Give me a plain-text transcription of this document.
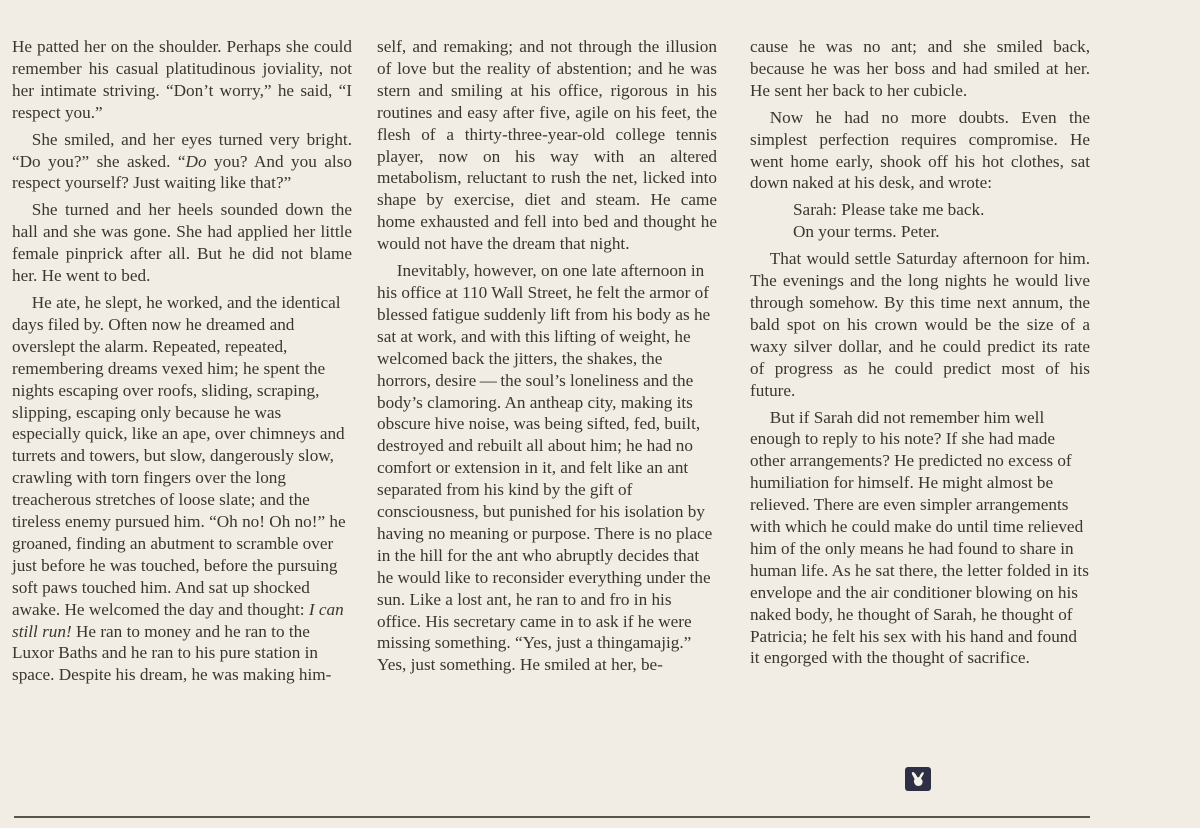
He patted her on the shoulder. Perhaps she could remember his casual platitudinous joviality, not her intimate striving. “Don’t worry,” he said, “I respect you.”

She smiled, and her eyes turned very bright. “Do you?” she asked. “Do you? And you also respect yourself? Just waiting like that?”

She turned and her heels sounded down the hall and she was gone. She had applied her little female pinprick after all. But he did not blame her. He went to bed.

He ate, he slept, he worked, and the identical days filed by. Often now he dreamed and overslept the alarm. Repeated, repeated, remembering dreams vexed him; he spent the nights escaping over roofs, sliding, scraping, slipping, escaping only because he was especially quick, like an ape, over chimneys and turrets and towers, but slow, dangerously slow, crawling with torn fingers over the long treacherous stretches of loose slate; and the tireless enemy pursued him. “Oh no! Oh no!” he groaned, finding an abutment to scramble over just before he was touched, before the pursuing soft paws touched him. And sat up shocked awake. He welcomed the day and thought: I can still run! He ran to money and he ran to the Luxor Baths and he ran to his pure station in space. Despite his dream, he was making him-

self, and remaking; and not through the illusion of love but the reality of abstention; and he was stern and smiling at his office, rigorous in his routines and easy after five, agile on his feet, the flesh of a thirty-three-year-old college tennis player, now on his way with an altered metabolism, reluctant to rush the net, licked into shape by exercise, diet and steam. He came home exhausted and fell into bed and thought he would not have the dream that night.

Inevitably, however, on one late afternoon in his office at 110 Wall Street, he felt the armor of blessed fatigue suddenly lift from his body as he sat at work, and with this lifting of weight, he welcomed back the jitters, the shakes, the horrors, desire — the soul’s loneliness and the body’s clamoring. An antheap city, making its obscure hive noise, was being sifted, fed, built, destroyed and rebuilt all about him; he had no comfort or extension in it, and felt like an ant separated from his kind by the gift of consciousness, but punished for his isolation by having no meaning or purpose. There is no place in the hill for the ant who abruptly decides that he would like to reconsider everything under the sun. Like a lost ant, he ran to and fro in his office. His secretary came in to ask if he were missing something. “Yes, just a thingamajig.” Yes, just something. He smiled at her, be-

cause he was no ant; and she smiled back, because he was her boss and had smiled at her. He sent her back to her cubicle.

Now he had no more doubts. Even the simplest perfection requires compromise. He went home early, shook off his hot clothes, sat down naked at his desk, and wrote:

Sarah: Please take me back.

On your terms. Peter.

That would settle Saturday afternoon for him. The evenings and the long nights he would live through somehow. By this time next annum, the bald spot on his crown would be the size of a waxy silver dollar, and he could predict its rate of progress as he could predict most of his future.

But if Sarah did not remember him well enough to reply to his note? If she had made other arrangements? He predicted no excess of humiliation for himself. He might almost be relieved. There are even simpler arrangements with which he could make do until time relieved him of the only means he had found to share in human life. As he sat there, the letter folded in its envelope and the air conditioner blowing on his naked body, he thought of Sarah, he thought of Patricia; he felt his sex with his hand and found it engorged with the thought of sacrifice.
